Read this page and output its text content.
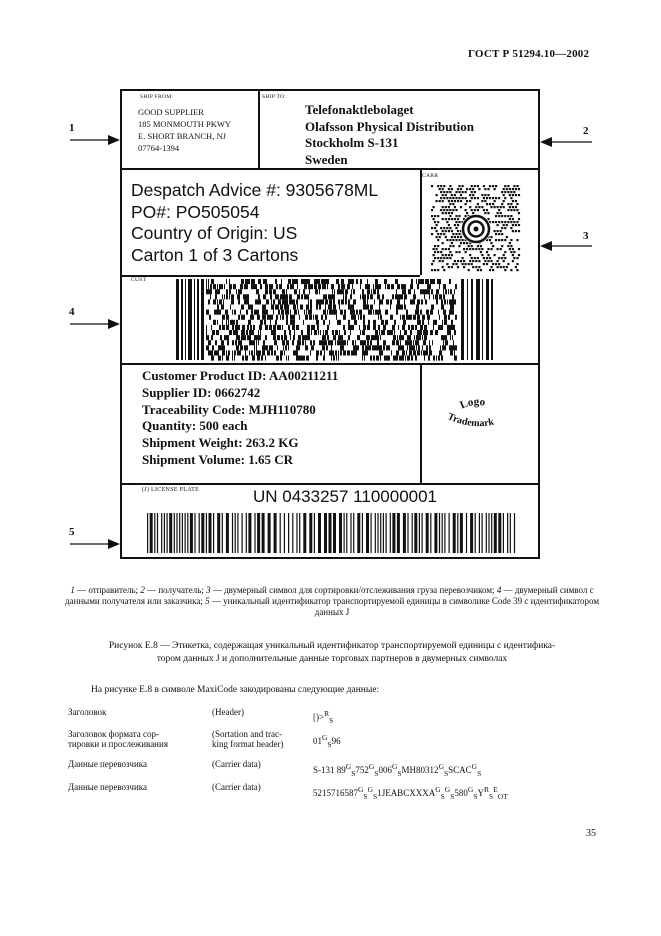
ГОСТ Р 51294.10—2002
SHIP FROM:
GOOD SUPPLIER
185 MONMOUTH PKWY
E. SHORT BRANCH, NJ
07764-1394
SHIP TO:
Telefonaktlebolaget
Olafsson Physical Distribution
Stockholm S-131
Sweden
Despatch Advice #: 9305678ML
PO#: PO505054
Country of Origin: US
Carton 1 of 3 Cartons
CARR
CUST
Customer Product ID: AA00211211
Supplier ID: 0662742
Traceability Code: MJH110780
Quantity: 500 each
Shipment Weight: 263.2 KG
Shipment Volume: 1.65 CR
Logo
Trademark
(J) LICENSE PLATE	UN 0433257 110000001
1	2
3
4
5
1 — отправитель; 2 — получатель; 3 — двумерный символ для сортировки/отслеживания груза перевозчиком; 4 — двумерный символ с данными получателя или заказчика; 5 — уникальный идентификатор транспортируемой единицы в символике Code 39 с идентификатором данных J
Рисунок E.8 — Этикетка, содержащая уникальный идентификатор транспортируемой единицы с идентифика-
тором данных J и дополнительные данные торговых партнеров в двумерных символах
На рисунке E.8 в символе MaxiCode закодированы следующие данные:
Заголовок	(Header)	[)>$^R_S$
Заголовок формата сор-
тировки и прослеживания
(Sortation and trac-
king format header)	$01^G_S96$
Данные перевозчика	(Carrier data)
S-131 $89^G_S752^G_S006^G_SMH80312^G_SSCAC^G_S$
Данные перевозчика	(Carrier data)
$5215716587^G_S^G_S1JEABCXXXA^G_S^G_S580^G_SY^R_S^E_{OT}$
35
